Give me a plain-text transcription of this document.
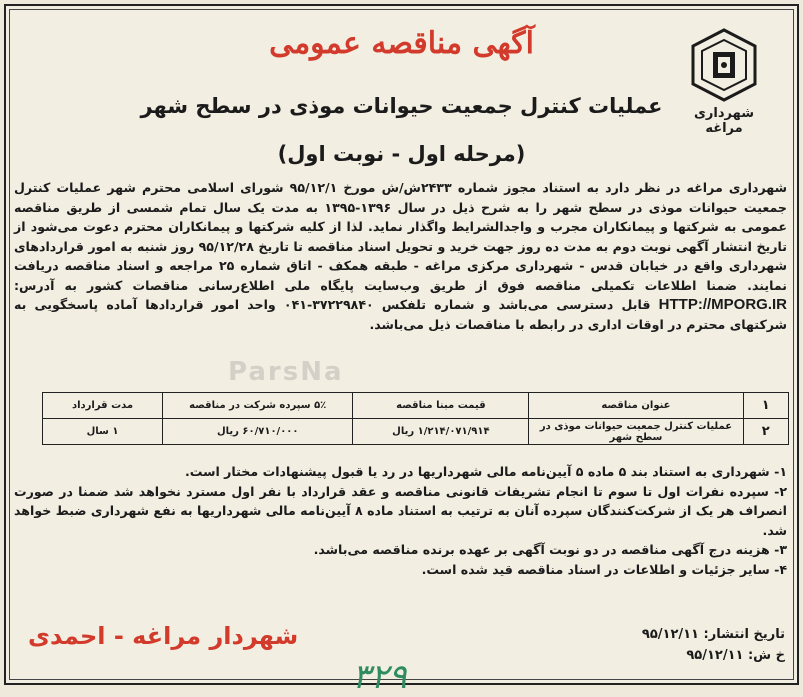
شهرداری مراغه
آگهی مناقصه عمومی
عملیات کنترل جمعیت حیوانات موذی در سطح شهر
(مرحله اول - نوبت اول)

شهرداری مراغه در نظر دارد به استناد مجوز شماره ۲۴۳۳ش/ش مورخ ۹۵/۱۲/۱ شورای اسلامی محترم شهر عملیات کنترل جمعیت حیوانات موذی در سطح شهر را به شرح ذیل در سال ۱۳۹۶-۱۳۹۵ به مدت یک سال تمام شمسی از طریق مناقصه عمومی به شرکتها و پیمانکاران مجرب و واجدالشرایط واگذار نماید. لذا از کلیه شرکتها و پیمانکاران محترم دعوت می‌شود از تاریخ انتشار آگهی نوبت دوم به مدت ده روز جهت خرید و تحویل اسناد مناقصه تا تاریخ ۹۵/۱۲/۲۸ روز شنبه به امور قراردادهای شهرداری واقع در خیابان قدس - شهرداری مرکزی مراغه - طبقه همکف - اتاق شماره ۲۵ مراجعه و اسناد مناقصه دریافت نمایند. ضمنا اطلاعات تکمیلی مناقصه فوق از طریق وب‌سایت پایگاه ملی اطلاع‌رسانی مناقصات کشور به آدرس: HTTP://MPORG.IR قابل دسترسی می‌باشد و شماره تلفکس ۳۷۲۲۹۸۴۰-۰۴۱ واحد امور قراردادها آماده پاسخگویی به شرکتهای محترم در اوقات اداری در رابطه با مناقصات ذیل می‌باشد.

ParsNa
۱	عنوان مناقصه	قیمت مبنا مناقصه	۵٪ سپرده شرکت در مناقصه	مدت قرارداد
۲	عملیات کنترل جمعیت حیوانات موذی در سطح شهر	۱/۲۱۴/۰۷۱/۹۱۴ ریال	۶۰/۷۱۰/۰۰۰ ریال	۱ سال

۱- شهرداری به استناد بند ۵ ماده ۵ آیین‌نامه مالی شهرداریها در رد یا قبول پیشنهادات مختار است.

۲- سپرده نفرات اول تا سوم تا انجام تشریفات قانونی مناقصه و عقد قرارداد با نفر اول مسترد نخواهد شد ضمنا در صورت انصراف هر یک از شرکت‌کنندگان سپرده آنان به ترتیب به استناد ماده ۸ آیین‌نامه مالی شهرداریها به نفع شهرداری ضبط خواهد شد.

۳- هزینه درج آگهی مناقصه در دو نوبت آگهی بر عهده برنده مناقصه می‌باشد.

۴- سایر جزئیات و اطلاعات در اسناد مناقصه قید شده است.

تاریخ انتشار: ۹۵/۱۲/۱۱
خ ش: ۹۵/۱۲/۱۱
شهردار مراغه - احمدی
۳۲۹
